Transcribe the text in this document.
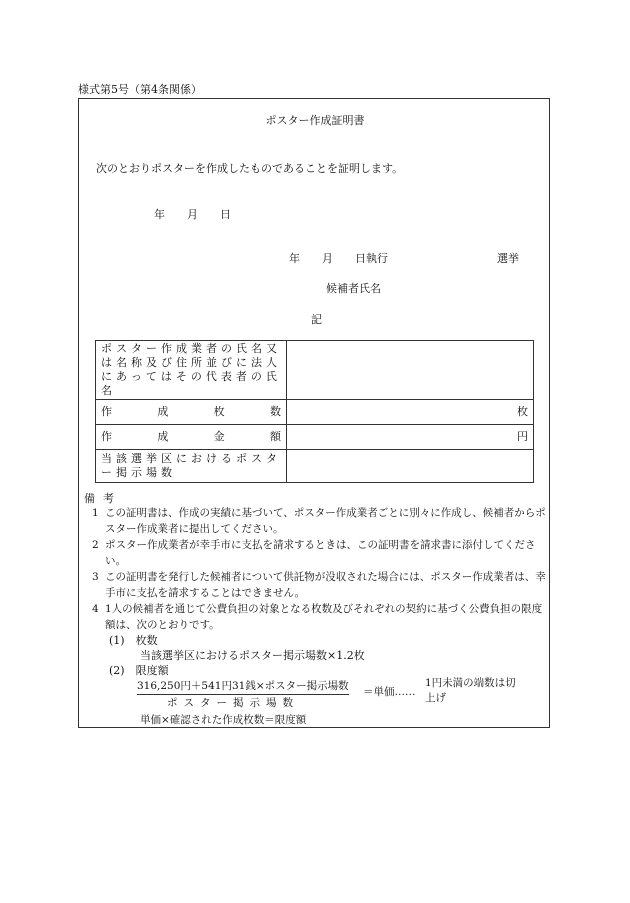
様式第5号（第4条関係）
ポスター作成証明書
次のとおりポスターを作成したものであることを証明します。
年　　月　　日
年　　月　　日執行	選挙
候補者氏名
記
ポスター作成業者の氏名又は名称及び住所並びに法人にあってはその代表者の氏名	

作 成 枚 数	枚

作 成 金 額	円
当該選挙区におけるポスター掲示場数	
備考
1 この証明書は、作成の実績に基づいて、ポスター作成業者ごとに別々に作成し、候補者からポスター作成業者に提出してください。
2 ポスター作成業者が幸手市に支払を請求するときは、この証明書を請求書に添付してください。
3 この証明書を発行した候補者について供託物が没収された場合には、ポスター作成業者は、幸手市に支払を請求することはできません。
4 1人の候補者を通じて公費負担の対象となる枚数及びそれぞれの契約に基づく公費負担の限度額は、次のとおりです。
(1)　枚数
当該選挙区におけるポスター掲示場数×1.2枚
(2)　限度額
316,250円＋541円31銭×ポスター掲示場数
ポスター掲示場数
＝単価……
1円未満の端数は切上げ
単価×確認された作成枚数＝限度額
